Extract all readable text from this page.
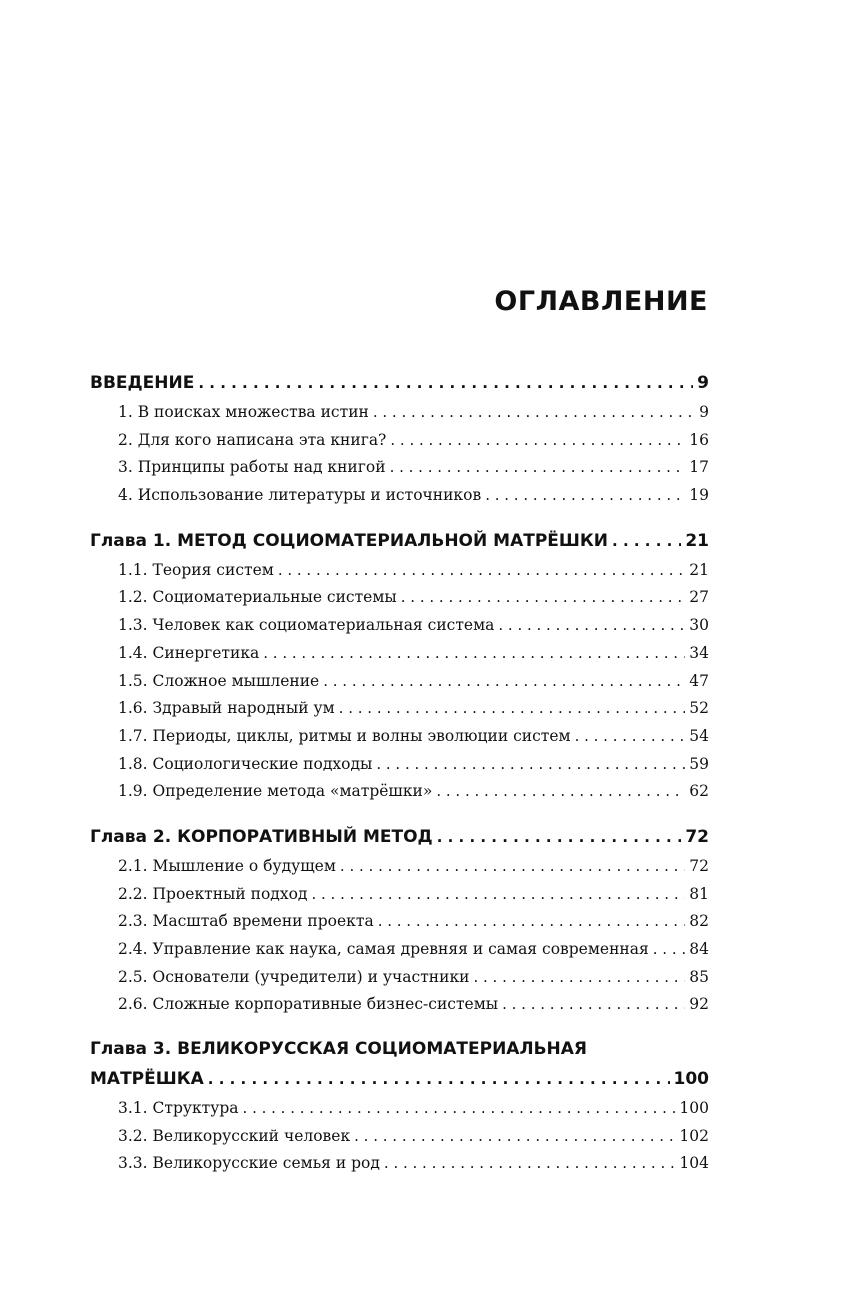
ОГЛАВЛЕНИЕ
ВВЕДЕНИЕ . . .	9
1. В поисках множества истин . . .	9
2. Для кого написана эта книга? . . .	16
3. Принципы работы над книгой . . .	17
4. Использование литературы и источников . . .	19
Глава 1. МЕТОД СОЦИОМАТЕРИАЛЬНОЙ МАТРЁШКИ . . .	21
1.1. Теория систем . . .	21
1.2. Социоматериальные системы . . .	27
1.3. Человек как социоматериальная система . . .	30
1.4. Синергетика . . .	34
1.5. Сложное мышление . . .	47
1.6. Здравый народный ум . . .	52
1.7. Периоды, циклы, ритмы и волны эволюции систем . . .	54
1.8. Социологические подходы . . .	59
1.9. Определение метода «матрёшки» . . .	62
Глава 2. КОРПОРАТИВНЫЙ МЕТОД . . .	72
2.1. Мышление о будущем . . .	72
2.2. Проектный подход . . .	81
2.3. Масштаб времени проекта . . .	82
2.4. Управление как наука, самая древняя и самая современная . . .	84
2.5. Основатели (учредители) и участники . . .	85
2.6. Сложные корпоративные бизнес-системы . . .	92
Глава 3. ВЕЛИКОРУССКАЯ СОЦИОМАТЕРИАЛЬНАЯ
МАТРЁШКА . . .	100
3.1. Структура . . .	100
3.2. Великорусский человек . . .	102
3.3. Великорусские семья и род . . .	104
